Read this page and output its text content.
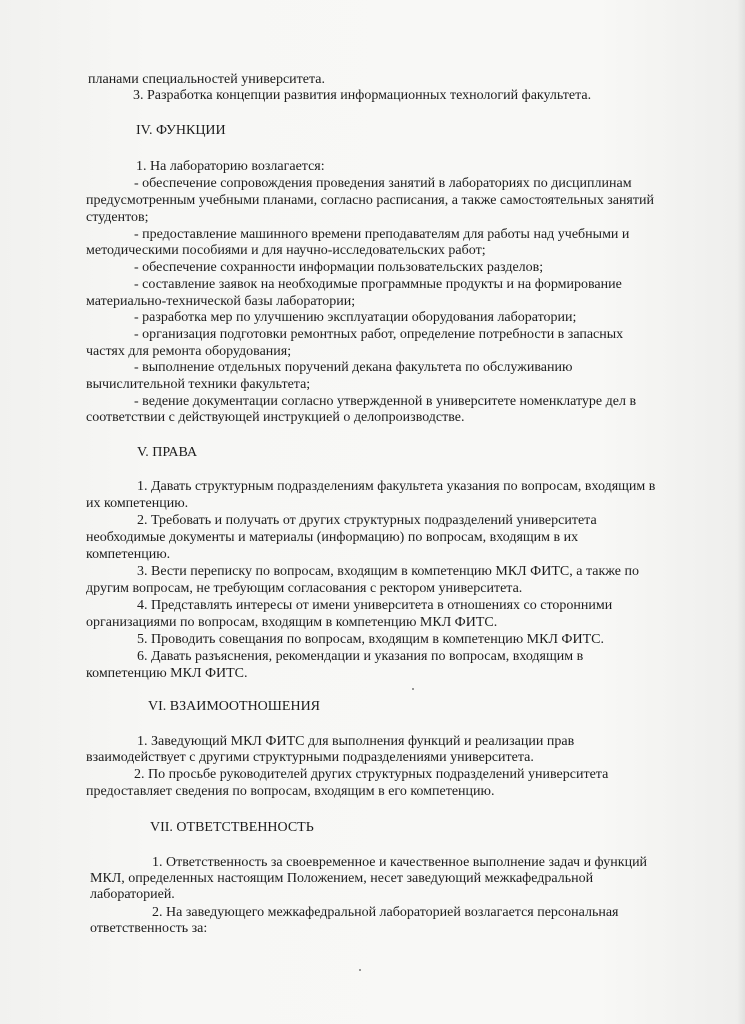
планами специальностей университета.
3. Разработка концепции развития информационных технологий факультета.
IV. ФУНКЦИИ
1. На лабораторию возлагается:
- обеспечение сопровождения проведения занятий в лабораториях по дисциплинам
предусмотренным учебными планами, согласно расписания, а также самостоятельных занятий
студентов;
- предоставление машинного времени преподавателям для работы над учебными и
методическими пособиями и для научно-исследовательских работ;
- обеспечение сохранности информации пользовательских разделов;
- составление заявок на необходимые программные продукты и на формирование
материально-технической базы лаборатории;
- разработка мер по улучшению эксплуатации оборудования лаборатории;
- организация подготовки ремонтных работ, определение потребности в запасных
частях для ремонта оборудования;
- выполнение отдельных поручений декана факультета по обслуживанию
вычислительной техники факультета;
- ведение документации согласно утвержденной в университете номенклатуре дел в
соответствии с действующей инструкцией о делопроизводстве.
V. ПРАВА
1. Давать структурным подразделениям факультета указания по вопросам, входящим в
их компетенцию.
2. Требовать и получать от других структурных подразделений университета
необходимые документы и материалы (информацию) по вопросам, входящим в их
компетенцию.
3. Вести переписку по вопросам, входящим в компетенцию МКЛ ФИТС, а также по
другим вопросам, не требующим согласования с ректором университета.
4. Представлять интересы от имени университета в отношениях со сторонними
организациями по вопросам, входящим в компетенцию МКЛ ФИТС.
5. Проводить совещания по вопросам, входящим в компетенцию МКЛ ФИТС.
6. Давать разъяснения, рекомендации и указания по вопросам, входящим в
компетенцию МКЛ ФИТС.
VI. ВЗАИМООТНОШЕНИЯ
1. Заведующий МКЛ ФИТС для выполнения функций и реализации прав
взаимодействует с другими структурными подразделениями университета.
2. По просьбе руководителей других структурных подразделений университета
предоставляет сведения по вопросам, входящим в его компетенцию.
VII. ОТВЕТСТВЕННОСТЬ
1. Ответственность за своевременное и качественное выполнение задач и функций
МКЛ, определенных настоящим Положением, несет заведующий межкафедральной
лабораторией.
2. На заведующего межкафедральной лабораторией возлагается персональная
ответственность за:
